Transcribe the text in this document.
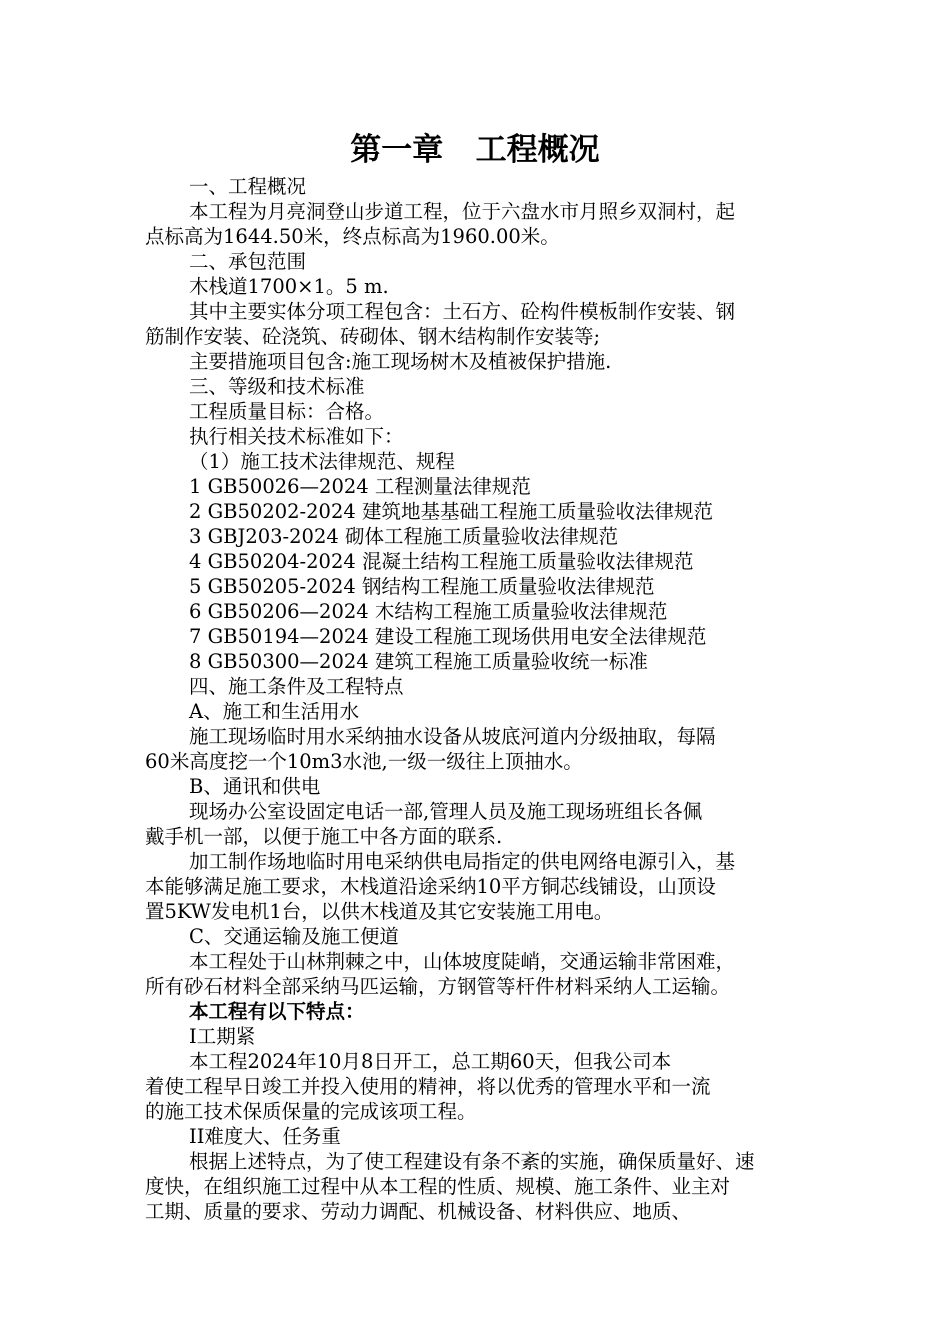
第一章   工程概况
一、工程概况
本工程为月亮洞登山步道工程，位于六盘水市月照乡双洞村，起
点标高为1644.50米，终点标高为1960.00米。
二、承包范围
木栈道1700×1。5 m.
其中主要实体分项工程包含：土石方、砼构件模板制作安装、钢
筋制作安装、砼浇筑、砖砌体、钢木结构制作安装等;
主要措施项目包含:施工现场树木及植被保护措施.
三、等级和技术标准
工程质量目标：合格。
执行相关技术标准如下：
（1）施工技术法律规范、规程
1 GB50026—2024 工程测量法律规范
2 GB50202-2024 建筑地基基础工程施工质量验收法律规范
3 GBJ203-2024 砌体工程施工质量验收法律规范
4 GB50204-2024 混凝土结构工程施工质量验收法律规范
5 GB50205-2024 钢结构工程施工质量验收法律规范
6 GB50206—2024 木结构工程施工质量验收法律规范
7 GB50194—2024 建设工程施工现场供用电安全法律规范
8 GB50300—2024 建筑工程施工质量验收统一标准
四、施工条件及工程特点
A、施工和生活用水
施工现场临时用水采纳抽水设备从坡底河道内分级抽取，每隔
60米高度挖一个10m3水池,一级一级往上顶抽水。
B、通讯和供电
现场办公室设固定电话一部,管理人员及施工现场班组长各佩
戴手机一部，以便于施工中各方面的联系.
加工制作场地临时用电采纳供电局指定的供电网络电源引入，基
本能够满足施工要求，木栈道沿途采纳10平方铜芯线铺设，山顶设
置5KW发电机1台，以供木栈道及其它安装施工用电。
C、交通运输及施工便道
本工程处于山林荆棘之中，山体坡度陡峭，交通运输非常困难，
所有砂石材料全部采纳马匹运输，方钢管等杆件材料采纳人工运输。
本工程有以下特点：
I工期紧
本工程2024年10月8日开工，总工期60天，但我公司本
着使工程早日竣工并投入使用的精神，将以优秀的管理水平和一流
的施工技术保质保量的完成该项工程。
II难度大、任务重
根据上述特点，为了使工程建设有条不紊的实施，确保质量好、速
度快，在组织施工过程中从本工程的性质、规模、施工条件、业主对
工期、质量的要求、劳动力调配、机械设备、材料供应、地质、
